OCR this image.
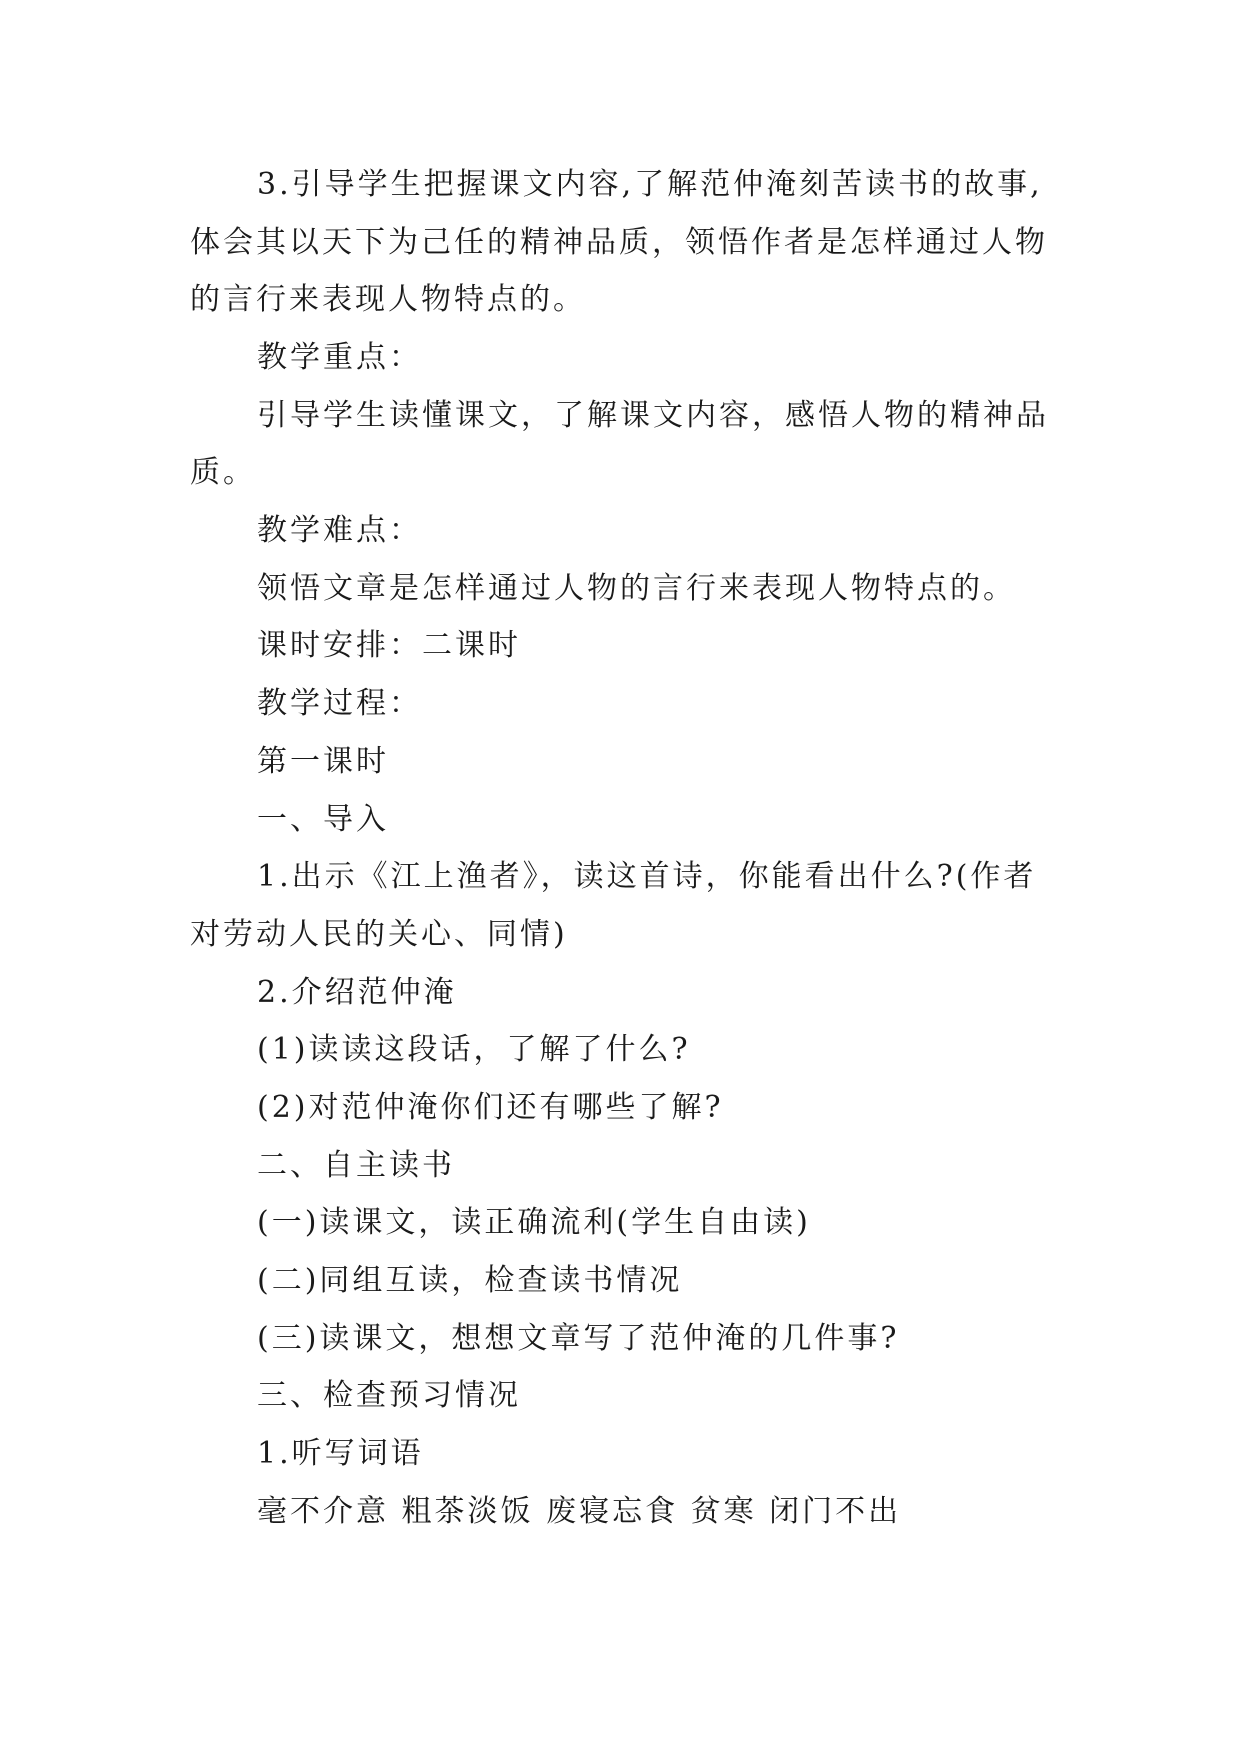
3.引导学生把握课文内容,了解范仲淹刻苦读书的故事,
体会其以天下为己任的精神品质，领悟作者是怎样通过人物
的言行来表现人物特点的。
教学重点：
引导学生读懂课文，了解课文内容，感悟人物的精神品
质。
教学难点：
领悟文章是怎样通过人物的言行来表现人物特点的。
课时安排：二课时
教学过程：
第一课时
一、导入
1.出示《江上渔者》，读这首诗，你能看出什么?(作者
对劳动人民的关心、同情)
2.介绍范仲淹
(1)读读这段话，了解了什么?
(2)对范仲淹你们还有哪些了解?
二、自主读书
(一)读课文，读正确流利(学生自由读)
(二)同组互读，检查读书情况
(三)读课文，想想文章写了范仲淹的几件事?
三、检查预习情况
1.听写词语
毫不介意 粗茶淡饭 废寝忘食 贫寒 闭门不出
